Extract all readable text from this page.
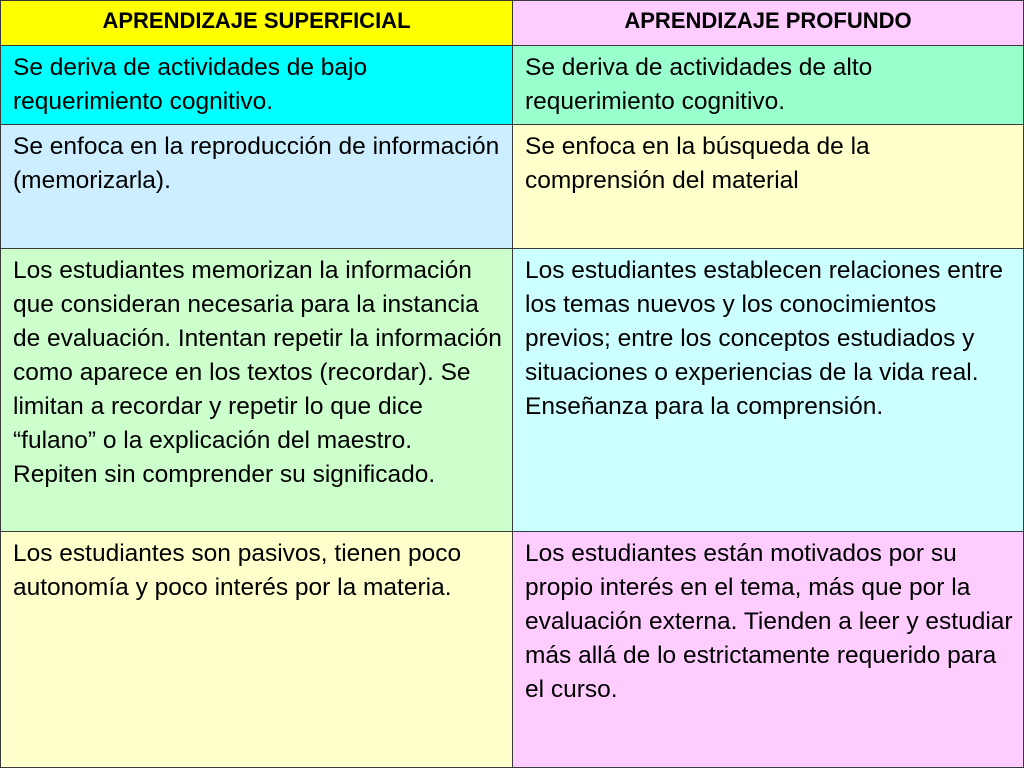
APRENDIZAJE SUPERFICIAL	APRENDIZAJE PROFUNDO
Se deriva de actividades de bajo requerimiento cognitivo.
Se deriva de actividades de alto requerimiento cognitivo.
Se enfoca en la reproducción de información (memorizarla).
Se enfoca en la búsqueda de la comprensión del material
Los estudiantes memorizan la información que consideran necesaria para la instancia de evaluación. Intentan repetir la información como aparece en los textos (recordar). Se limitan a recordar y repetir lo que dice “fulano” o la explicación del maestro. Repiten sin comprender su significado.
Los estudiantes establecen relaciones entre los temas nuevos y los conocimientos previos; entre los conceptos estudiados y situaciones o experiencias de la vida real. Enseñanza para la comprensión.
Los estudiantes son pasivos, tienen poco autonomía y poco interés por la materia.
Los estudiantes están motivados por su propio interés en el tema, más que por la evaluación externa. Tienden a leer y estudiar más allá de lo estrictamente requerido para el curso.
